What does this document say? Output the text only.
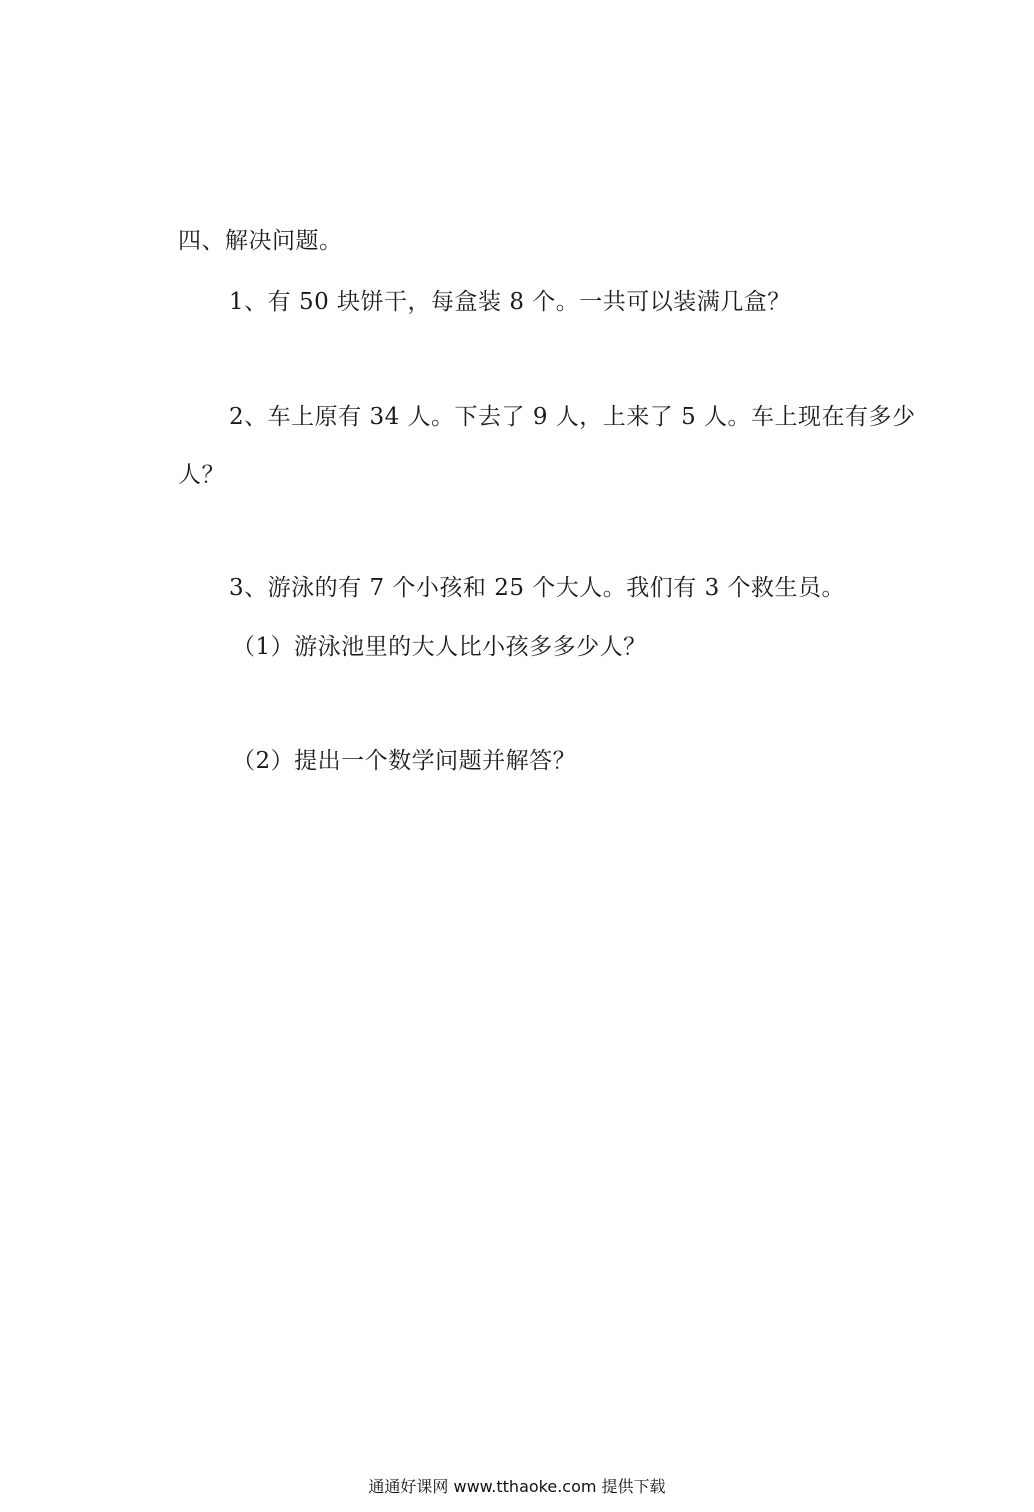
四、解决问题。
1、有 50 块饼干，每盒装 8 个。一共可以装满几盒？
2、车上原有 34 人。下去了 9 人，上来了 5 人。车上现在有多少
人？
3、游泳的有 7 个小孩和 25 个大人。我们有 3 个救生员。
（1）游泳池里的大人比小孩多多少人？
（2）提出一个数学问题并解答？
通通好课网 www.tthaoke.com 提供下载
